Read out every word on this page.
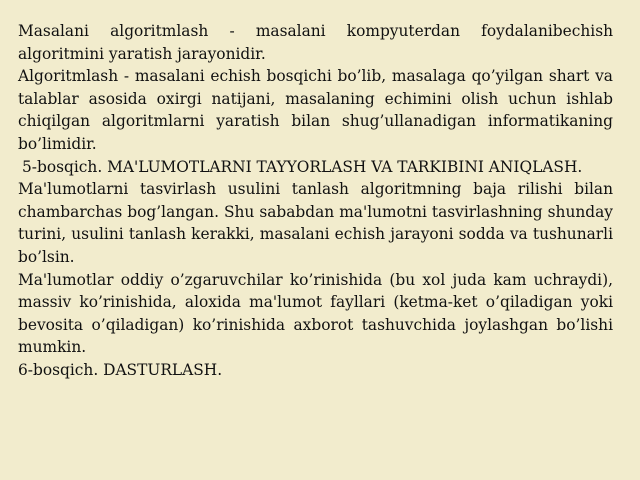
Masalani algoritmlash - masalani kompyuterdan foydalanibechish algoritmini yaratish jarayonidir.

Algoritmlash - masalani echish bosqichi bo’lib, masalaga qo’yilgan shart va talablar asosida oxirgi natijani, masalaning echimini olish uchun ishlab chiqilgan algoritmlarni yaratish bilan shug’ullanadigan informatikaning bo’limidir.

5-bosqich. MA'LUMOTLARNI TAYYORLASH VA TARKIBINI ANIQLASH.

Ma'lumotlarni tasvirlash usulini tanlash algoritmning baja rilishi bilan chambarchas bog’langan. Shu sababdan ma'lumotni tasvirlashning shunday turini, usulini tanlash kerakki, masalani echish jarayoni sodda va tushunarli bo’lsin.

Ma'lumotlar oddiy o’zgaruvchilar ko’rinishida (bu xol juda kam uchraydi), massiv ko’rinishida, aloxida ma'lumot fayllari (ketma-ket o’qiladigan yoki bevosita o’qiladigan) ko’rinishida axborot tashuvchida joylashgan bo’lishi mumkin.

6-bosqich. DASTURLASH.
